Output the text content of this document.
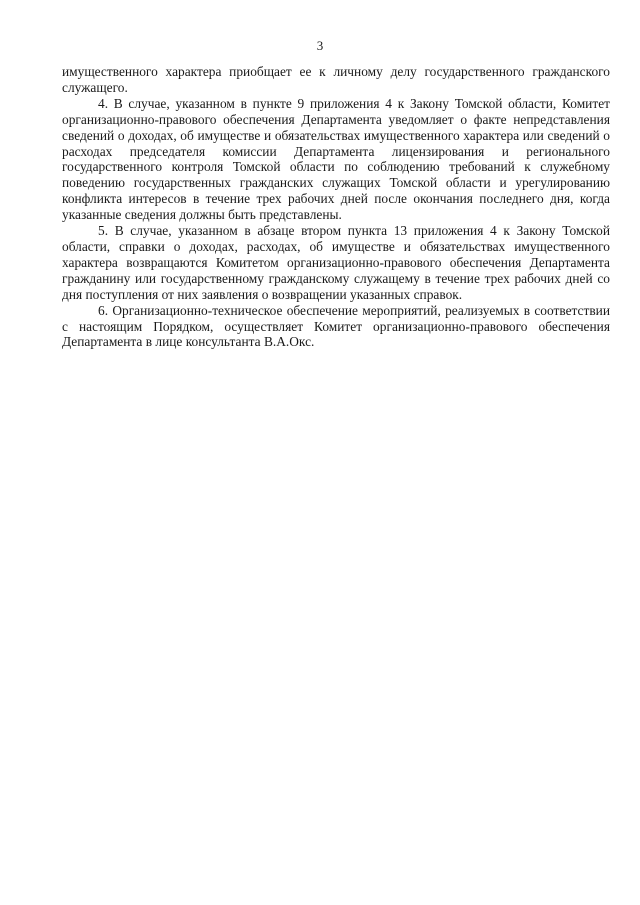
3

имущественного характера приобщает ее к личному делу государственного гражданского служащего.

4. В случае, указанном в пункте 9 приложения 4 к Закону Томской области, Комитет организационно-правового обеспечения Департамента уведомляет о факте непредставления сведений о доходах, об имуществе и обязательствах имущественного характера или сведений о расходах председателя комиссии Департамента лицензирования и регионального государственного контроля Томской области по соблюдению требований к служебному поведению государственных гражданских служащих Томской области и урегулированию конфликта интересов в течение трех рабочих дней после окончания последнего дня, когда указанные сведения должны быть представлены.

5. В случае, указанном в абзаце втором пункта 13 приложения 4 к Закону Томской области, справки о доходах, расходах, об имуществе и обязательствах имущественного характера возвращаются Комитетом организационно-правового обеспечения Департамента гражданину или государственному гражданскому служащему в течение трех рабочих дней со дня поступления от них заявления о возвращении указанных справок.

6. Организационно-техническое обеспечение мероприятий, реализуемых в соответствии с настоящим Порядком, осуществляет Комитет организационно-правового обеспечения Департамента в лице консультанта В.А.Окс.
